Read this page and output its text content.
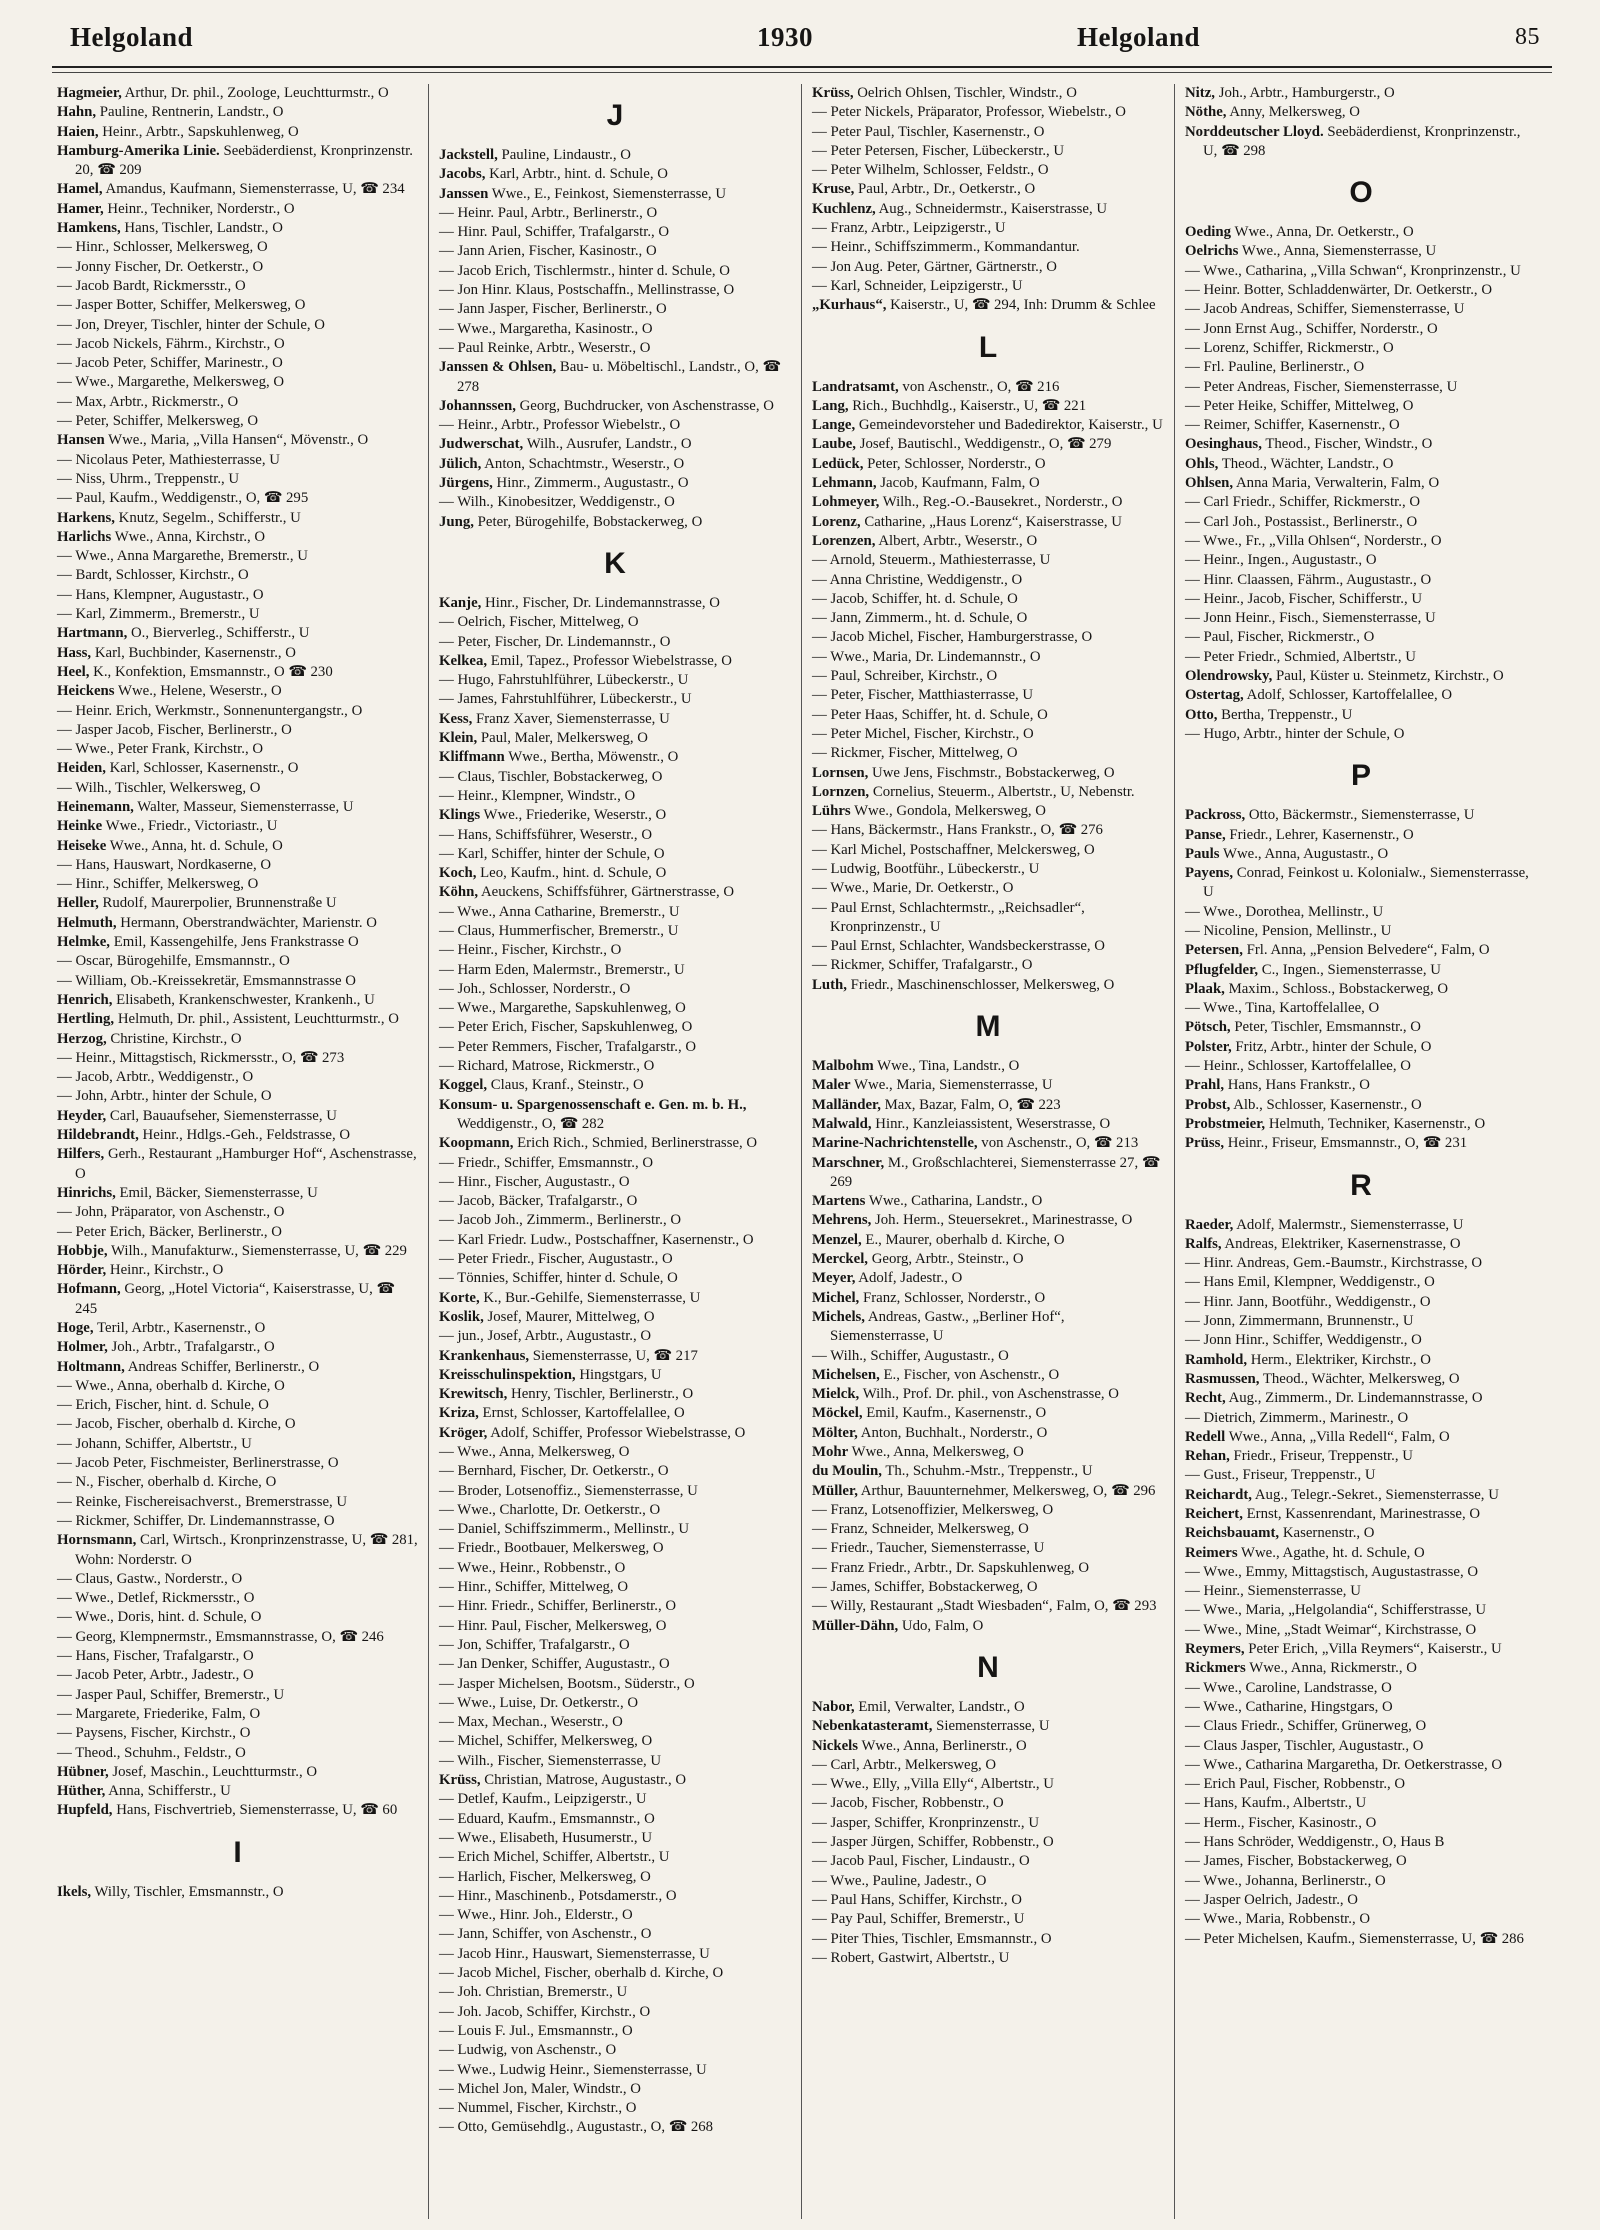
Helgoland	1930	Helgoland	85

Hagmeier, Arthur, Dr. phil., Zoologe, Leuchtturmstr., O

Hahn, Pauline, Rentnerin, Landstr., O

Haien, Heinr., Arbtr., Sapskuhlenweg, O

Hamburg-Amerika Linie. Seebäderdienst, Kronprinzenstr. 20, ☎ 209

Hamel, Amandus, Kaufmann, Siemensterrasse, U, ☎ 234

Hamer, Heinr., Techniker, Norderstr., O

Hamkens, Hans, Tischler, Landstr., O

— Hinr., Schlosser, Melkersweg, O

— Jonny Fischer, Dr. Oetkerstr., O

— Jacob Bardt, Rickmersstr., O

— Jasper Botter, Schiffer, Melkersweg, O

— Jon, Dreyer, Tischler, hinter der Schule, O

— Jacob Nickels, Fährm., Kirchstr., O

— Jacob Peter, Schiffer, Marinestr., O

— Wwe., Margarethe, Melkersweg, O

— Max, Arbtr., Rickmerstr., O

— Peter, Schiffer, Melkersweg, O

Hansen Wwe., Maria, „Villa Hansen“, Mövenstr., O

— Nicolaus Peter, Mathiesterrasse, U

— Niss, Uhrm., Treppenstr., U

— Paul, Kaufm., Weddigenstr., O, ☎ 295

Harkens, Knutz, Segelm., Schifferstr., U

Harlichs Wwe., Anna, Kirchstr., O

— Wwe., Anna Margarethe, Bremerstr., U

— Bardt, Schlosser, Kirchstr., O

— Hans, Klempner, Augustastr., O

— Karl, Zimmerm., Bremerstr., U

Hartmann, O., Bierverleg., Schifferstr., U

Hass, Karl, Buchbinder, Kasernenstr., O

Heel, K., Konfektion, Emsmannstr., O ☎ 230

Heickens Wwe., Helene, Weserstr., O

— Heinr. Erich, Werkmstr., Sonnenuntergangstr., O

— Jasper Jacob, Fischer, Berlinerstr., O

— Wwe., Peter Frank, Kirchstr., O

Heiden, Karl, Schlosser, Kasernenstr., O

— Wilh., Tischler, Welkersweg, O

Heinemann, Walter, Masseur, Siemensterrasse, U

Heinke Wwe., Friedr., Victoriastr., U

Heiseke Wwe., Anna, ht. d. Schule, O

— Hans, Hauswart, Nordkaserne, O

— Hinr., Schiffer, Melkersweg, O

Heller, Rudolf, Maurerpolier, Brunnenstraße U

Helmuth, Hermann, Oberstrandwächter, Marienstr. O

Helmke, Emil, Kassengehilfe, Jens Frankstrasse O

— Oscar, Bürogehilfe, Emsmannstr., O

— William, Ob.-Kreissekretär, Emsmannstrasse O

Henrich, Elisabeth, Krankenschwester, Krankenh., U

Hertling, Helmuth, Dr. phil., Assistent, Leuchtturmstr., O

Herzog, Christine, Kirchstr., O

— Heinr., Mittagstisch, Rickmersstr., O, ☎ 273

— Jacob, Arbtr., Weddigenstr., O

— John, Arbtr., hinter der Schule, O

Heyder, Carl, Bauaufseher, Siemensterrasse, U

Hildebrandt, Heinr., Hdlgs.-Geh., Feldstrasse, O

Hilfers, Gerh., Restaurant „Hamburger Hof“, Aschenstrasse, O

Hinrichs, Emil, Bäcker, Siemensterrasse, U

— John, Präparator, von Aschenstr., O

— Peter Erich, Bäcker, Berlinerstr., O

Hobbje, Wilh., Manufakturw., Siemensterrasse, U, ☎ 229

Hörder, Heinr., Kirchstr., O

Hofmann, Georg, „Hotel Victoria“, Kaiserstrasse, U, ☎ 245

Hoge, Teril, Arbtr., Kasernenstr., O

Holmer, Joh., Arbtr., Trafalgarstr., O

Holtmann, Andreas Schiffer, Berlinerstr., O

— Wwe., Anna, oberhalb d. Kirche, O

— Erich, Fischer, hint. d. Schule, O

— Jacob, Fischer, oberhalb d. Kirche, O

— Johann, Schiffer, Albertstr., U

— Jacob Peter, Fischmeister, Berlinerstrasse, O

— N., Fischer, oberhalb d. Kirche, O

— Reinke, Fischereisachverst., Bremerstrasse, U

— Rickmer, Schiffer, Dr. Lindemannstrasse, O

Hornsmann, Carl, Wirtsch., Kronprinzenstrasse, U, ☎ 281, Wohn: Norderstr. O

— Claus, Gastw., Norderstr., O

— Wwe., Detlef, Rickmersstr., O

— Wwe., Doris, hint. d. Schule, O

— Georg, Klempnermstr., Emsmannstrasse, O, ☎ 246

— Hans, Fischer, Trafalgarstr., O

— Jacob Peter, Arbtr., Jadestr., O

— Jasper Paul, Schiffer, Bremerstr., U

— Margarete, Friederike, Falm, O

— Paysens, Fischer, Kirchstr., O

— Theod., Schuhm., Feldstr., O

Hübner, Josef, Maschin., Leuchtturmstr., O

Hüther, Anna, Schifferstr., U

Hupfeld, Hans, Fischvertrieb, Siemensterrasse, U, ☎ 60

I

Ikels, Willy, Tischler, Emsmannstr., O

J

Jackstell, Pauline, Lindaustr., O

Jacobs, Karl, Arbtr., hint. d. Schule, O

Janssen Wwe., E., Feinkost, Siemensterrasse, U

— Heinr. Paul, Arbtr., Berlinerstr., O

— Hinr. Paul, Schiffer, Trafalgarstr., O

— Jann Arien, Fischer, Kasinostr., O

— Jacob Erich, Tischlermstr., hinter d. Schule, O

— Jon Hinr. Klaus, Postschaffn., Mellinstrasse, O

— Jann Jasper, Fischer, Berlinerstr., O

— Wwe., Margaretha, Kasinostr., O

— Paul Reinke, Arbtr., Weserstr., O

Janssen & Ohlsen, Bau- u. Möbeltischl., Landstr., O, ☎ 278

Johannssen, Georg, Buchdrucker, von Aschenstrasse, O

— Heinr., Arbtr., Professor Wiebelstr., O

Judwerschat, Wilh., Ausrufer, Landstr., O

Jülich, Anton, Schachtmstr., Weserstr., O

Jürgens, Hinr., Zimmerm., Augustastr., O

— Wilh., Kinobesitzer, Weddigenstr., O

Jung, Peter, Bürogehilfe, Bobstackerweg, O

K

Kanje, Hinr., Fischer, Dr. Lindemannstrasse, O

— Oelrich, Fischer, Mittelweg, O

— Peter, Fischer, Dr. Lindemannstr., O

Kelkea, Emil, Tapez., Professor Wiebelstrasse, O

— Hugo, Fahrstuhlführer, Lübeckerstr., U

— James, Fahrstuhlführer, Lübeckerstr., U

Kess, Franz Xaver, Siemensterrasse, U

Klein, Paul, Maler, Melkersweg, O

Kliffmann Wwe., Bertha, Möwenstr., O

— Claus, Tischler, Bobstackerweg, O

— Heinr., Klempner, Windstr., O

Klings Wwe., Friederike, Weserstr., O

— Hans, Schiffsführer, Weserstr., O

— Karl, Schiffer, hinter der Schule, O

Koch, Leo, Kaufm., hint. d. Schule, O

Köhn, Aeuckens, Schiffsführer, Gärtnerstrasse, O

— Wwe., Anna Catharine, Bremerstr., U

— Claus, Hummerfischer, Bremerstr., U

— Heinr., Fischer, Kirchstr., O

— Harm Eden, Malermstr., Bremerstr., U

— Joh., Schlosser, Norderstr., O

— Wwe., Margarethe, Sapskuhlenweg, O

— Peter Erich, Fischer, Sapskuhlenweg, O

— Peter Remmers, Fischer, Trafalgarstr., O

— Richard, Matrose, Rickmerstr., O

Koggel, Claus, Kranf., Steinstr., O

Konsum- u. Spargenossenschaft e. Gen. m. b. H., Weddigenstr., O, ☎ 282

Koopmann, Erich Rich., Schmied, Berlinerstrasse, O

— Friedr., Schiffer, Emsmannstr., O

— Hinr., Fischer, Augustastr., O

— Jacob, Bäcker, Trafalgarstr., O

— Jacob Joh., Zimmerm., Berlinerstr., O

— Karl Friedr. Ludw., Postschaffner, Kasernenstr., O

— Peter Friedr., Fischer, Augustastr., O

— Tönnies, Schiffer, hinter d. Schule, O

Korte, K., Bur.-Gehilfe, Siemensterrasse, U

Koslik, Josef, Maurer, Mittelweg, O

— jun., Josef, Arbtr., Augustastr., O

Krankenhaus, Siemensterrasse, U, ☎ 217

Kreisschulinspektion, Hingstgars, U

Krewitsch, Henry, Tischler, Berlinerstr., O

Kriza, Ernst, Schlosser, Kartoffelallee, O

Kröger, Adolf, Schiffer, Professor Wiebelstrasse, O

— Wwe., Anna, Melkersweg, O

— Bernhard, Fischer, Dr. Oetkerstr., O

— Broder, Lotsenoffiz., Siemensterrasse, U

— Wwe., Charlotte, Dr. Oetkerstr., O

— Daniel, Schiffszimmerm., Mellinstr., U

— Friedr., Bootbauer, Melkersweg, O

— Wwe., Heinr., Robbenstr., O

— Hinr., Schiffer, Mittelweg, O

— Hinr. Friedr., Schiffer, Berlinerstr., O

— Hinr. Paul, Fischer, Melkersweg, O

— Jon, Schiffer, Trafalgarstr., O

— Jan Denker, Schiffer, Augustastr., O

— Jasper Michelsen, Bootsm., Süderstr., O

— Wwe., Luise, Dr. Oetkerstr., O

— Max, Mechan., Weserstr., O

— Michel, Schiffer, Melkersweg, O

— Wilh., Fischer, Siemensterrasse, U

Krüss, Christian, Matrose, Augustastr., O

— Detlef, Kaufm., Leipzigerstr., U

— Eduard, Kaufm., Emsmannstr., O

— Wwe., Elisabeth, Husumerstr., U

— Erich Michel, Schiffer, Albertstr., U

— Harlich, Fischer, Melkersweg, O

— Hinr., Maschinenb., Potsdamerstr., O

— Wwe., Hinr. Joh., Elderstr., O

— Jann, Schiffer, von Aschenstr., O

— Jacob Hinr., Hauswart, Siemensterrasse, U

— Jacob Michel, Fischer, oberhalb d. Kirche, O

— Joh. Christian, Bremerstr., U

— Joh. Jacob, Schiffer, Kirchstr., O

— Louis F. Jul., Emsmannstr., O

— Ludwig, von Aschenstr., O

— Wwe., Ludwig Heinr., Siemensterrasse, U

— Michel Jon, Maler, Windstr., O

— Nummel, Fischer, Kirchstr., O

— Otto, Gemüsehdlg., Augustastr., O, ☎ 268

Krüss, Oelrich Ohlsen, Tischler, Windstr., O

— Peter Nickels, Präparator, Professor, Wiebelstr., O

— Peter Paul, Tischler, Kasernenstr., O

— Peter Petersen, Fischer, Lübeckerstr., U

— Peter Wilhelm, Schlosser, Feldstr., O

Kruse, Paul, Arbtr., Dr., Oetkerstr., O

Kuchlenz, Aug., Schneidermstr., Kaiserstrasse, U

— Franz, Arbtr., Leipzigerstr., U

— Heinr., Schiffszimmerm., Kommandantur.

— Jon Aug. Peter, Gärtner, Gärtnerstr., O

— Karl, Schneider, Leipzigerstr., U

„Kurhaus“, Kaiserstr., U, ☎ 294, Inh: Drumm & Schlee

L

Landratsamt, von Aschenstr., O, ☎ 216

Lang, Rich., Buchhdlg., Kaiserstr., U, ☎ 221

Lange, Gemeindevorsteher und Badedirektor, Kaiserstr., U

Laube, Josef, Bautischl., Weddigenstr., O, ☎ 279

Ledück, Peter, Schlosser, Norderstr., O

Lehmann, Jacob, Kaufmann, Falm, O

Lohmeyer, Wilh., Reg.-O.-Bausekret., Norderstr., O

Lorenz, Catharine, „Haus Lorenz“, Kaiserstrasse, U

Lorenzen, Albert, Arbtr., Weserstr., O

— Arnold, Steuerm., Mathiesterrasse, U

— Anna Christine, Weddigenstr., O

— Jacob, Schiffer, ht. d. Schule, O

— Jann, Zimmerm., ht. d. Schule, O

— Jacob Michel, Fischer, Hamburgerstrasse, O

— Wwe., Maria, Dr. Lindemannstr., O

— Paul, Schreiber, Kirchstr., O

— Peter, Fischer, Matthiasterrasse, U

— Peter Haas, Schiffer, ht. d. Schule, O

— Peter Michel, Fischer, Kirchstr., O

— Rickmer, Fischer, Mittelweg, O

Lornsen, Uwe Jens, Fischmstr., Bobstackerweg, O

Lornzen, Cornelius, Steuerm., Albertstr., U, Nebenstr.

Lührs Wwe., Gondola, Melkersweg, O

— Hans, Bäckermstr., Hans Frankstr., O, ☎ 276

— Karl Michel, Postschaffner, Melckersweg, O

— Ludwig, Bootführ., Lübeckerstr., U

— Wwe., Marie, Dr. Oetkerstr., O

— Paul Ernst, Schlachtermstr., „Reichsadler“, Kronprinzenstr., U

— Paul Ernst, Schlachter, Wandsbeckerstrasse, O

— Rickmer, Schiffer, Trafalgarstr., O

Luth, Friedr., Maschinenschlosser, Melkersweg, O

M

Malbohm Wwe., Tina, Landstr., O

Maler Wwe., Maria, Siemensterrasse, U

Malländer, Max, Bazar, Falm, O, ☎ 223

Malwald, Hinr., Kanzleiassistent, Weserstrasse, O

Marine-Nachrichtenstelle, von Aschenstr., O, ☎ 213

Marschner, M., Großschlachterei, Siemensterrasse 27, ☎ 269

Martens Wwe., Catharina, Landstr., O

Mehrens, Joh. Herm., Steuersekret., Marinestrasse, O

Menzel, E., Maurer, oberhalb d. Kirche, O

Merckel, Georg, Arbtr., Steinstr., O

Meyer, Adolf, Jadestr., O

Michel, Franz, Schlosser, Norderstr., O

Michels, Andreas, Gastw., „Berliner Hof“, Siemensterrasse, U

— Wilh., Schiffer, Augustastr., O

Michelsen, E., Fischer, von Aschenstr., O

Mielck, Wilh., Prof. Dr. phil., von Aschenstrasse, O

Möckel, Emil, Kaufm., Kasernenstr., O

Mölter, Anton, Buchhalt., Norderstr., O

Mohr Wwe., Anna, Melkersweg, O

du Moulin, Th., Schuhm.-Mstr., Treppenstr., U

Müller, Arthur, Bauunternehmer, Melkersweg, O, ☎ 296

— Franz, Lotsenoffizier, Melkersweg, O

— Franz, Schneider, Melkersweg, O

— Friedr., Taucher, Siemensterrasse, U

— Franz Friedr., Arbtr., Dr. Sapskuhlenweg, O

— James, Schiffer, Bobstackerweg, O

— Willy, Restaurant „Stadt Wiesbaden“, Falm, O, ☎ 293

Müller-Dähn, Udo, Falm, O

N

Nabor, Emil, Verwalter, Landstr., O

Nebenkatasteramt, Siemensterrasse, U

Nickels Wwe., Anna, Berlinerstr., O

— Carl, Arbtr., Melkersweg, O

— Wwe., Elly, „Villa Elly“, Albertstr., U

— Jacob, Fischer, Robbenstr., O

— Jasper, Schiffer, Kronprinzenstr., U

— Jasper Jürgen, Schiffer, Robbenstr., O

— Jacob Paul, Fischer, Lindaustr., O

— Wwe., Pauline, Jadestr., O

— Paul Hans, Schiffer, Kirchstr., O

— Pay Paul, Schiffer, Bremerstr., U

— Piter Thies, Tischler, Emsmannstr., O

— Robert, Gastwirt, Albertstr., U

Nitz, Joh., Arbtr., Hamburgerstr., O

Nöthe, Anny, Melkersweg, O

Norddeutscher Lloyd. Seebäderdienst, Kronprinzenstr., U, ☎ 298

O

Oeding Wwe., Anna, Dr. Oetkerstr., O

Oelrichs Wwe., Anna, Siemensterrasse, U

— Wwe., Catharina, „Villa Schwan“, Kronprinzenstr., U

— Heinr. Botter, Schladdenwärter, Dr. Oetkerstr., O

— Jacob Andreas, Schiffer, Siemensterrasse, U

— Jonn Ernst Aug., Schiffer, Norderstr., O

— Lorenz, Schiffer, Rickmerstr., O

— Frl. Pauline, Berlinerstr., O

— Peter Andreas, Fischer, Siemensterrasse, U

— Peter Heike, Schiffer, Mittelweg, O

— Reimer, Schiffer, Kasernenstr., O

Oesinghaus, Theod., Fischer, Windstr., O

Ohls, Theod., Wächter, Landstr., O

Ohlsen, Anna Maria, Verwalterin, Falm, O

— Carl Friedr., Schiffer, Rickmerstr., O

— Carl Joh., Postassist., Berlinerstr., O

— Wwe., Fr., „Villa Ohlsen“, Norderstr., O

— Heinr., Ingen., Augustastr., O

— Hinr. Claassen, Fährm., Augustastr., O

— Heinr., Jacob, Fischer, Schifferstr., U

— Jonn Heinr., Fisch., Siemensterrasse, U

— Paul, Fischer, Rickmerstr., O

— Peter Friedr., Schmied, Albertstr., U

Olendrowsky, Paul, Küster u. Steinmetz, Kirchstr., O

Ostertag, Adolf, Schlosser, Kartoffelallee, O

Otto, Bertha, Treppenstr., U

— Hugo, Arbtr., hinter der Schule, O

P

Packross, Otto, Bäckermstr., Siemensterrasse, U

Panse, Friedr., Lehrer, Kasernenstr., O

Pauls Wwe., Anna, Augustastr., O

Payens, Conrad, Feinkost u. Kolonialw., Siemensterrasse, U

— Wwe., Dorothea, Mellinstr., U

— Nicoline, Pension, Mellinstr., U

Petersen, Frl. Anna, „Pension Belvedere“, Falm, O

Pflugfelder, C., Ingen., Siemensterrasse, U

Plaak, Maxim., Schloss., Bobstackerweg, O

— Wwe., Tina, Kartoffelallee, O

Pötsch, Peter, Tischler, Emsmannstr., O

Polster, Fritz, Arbtr., hinter der Schule, O

— Heinr., Schlosser, Kartoffelallee, O

Prahl, Hans, Hans Frankstr., O

Probst, Alb., Schlosser, Kasernenstr., O

Probstmeier, Helmuth, Techniker, Kasernenstr., O

Prüss, Heinr., Friseur, Emsmannstr., O, ☎ 231

R

Raeder, Adolf, Malermstr., Siemensterrasse, U

Ralfs, Andreas, Elektriker, Kasernenstrasse, O

— Hinr. Andreas, Gem.-Baumstr., Kirchstrasse, O

— Hans Emil, Klempner, Weddigenstr., O

— Hinr. Jann, Bootführ., Weddigenstr., O

— Jonn, Zimmermann, Brunnenstr., U

— Jonn Hinr., Schiffer, Weddigenstr., O

Ramhold, Herm., Elektriker, Kirchstr., O

Rasmussen, Theod., Wächter, Melkersweg, O

Recht, Aug., Zimmerm., Dr. Lindemannstrasse, O

— Dietrich, Zimmerm., Marinestr., O

Redell Wwe., Anna, „Villa Redell“, Falm, O

Rehan, Friedr., Friseur, Treppenstr., U

— Gust., Friseur, Treppenstr., U

Reichardt, Aug., Telegr.-Sekret., Siemensterrasse, U

Reichert, Ernst, Kassenrendant, Marinestrasse, O

Reichsbauamt, Kasernenstr., O

Reimers Wwe., Agathe, ht. d. Schule, O

— Wwe., Emmy, Mittagstisch, Augustastrasse, O

— Heinr., Siemensterrasse, U

— Wwe., Maria, „Helgolandia“, Schifferstrasse, U

— Wwe., Mine, „Stadt Weimar“, Kirchstrasse, O

Reymers, Peter Erich, „Villa Reymers“, Kaiserstr., U

Rickmers Wwe., Anna, Rickmerstr., O

— Wwe., Caroline, Landstrasse, O

— Wwe., Catharine, Hingstgars, O

— Claus Friedr., Schiffer, Grünerweg, O

— Claus Jasper, Tischler, Augustastr., O

— Wwe., Catharina Margaretha, Dr. Oetkerstrasse, O

— Erich Paul, Fischer, Robbenstr., O

— Hans, Kaufm., Albertstr., U

— Herm., Fischer, Kasinostr., O

— Hans Schröder, Weddigenstr., O, Haus B

— James, Fischer, Bobstackerweg, O

— Wwe., Johanna, Berlinerstr., O

— Jasper Oelrich, Jadestr., O

— Wwe., Maria, Robbenstr., O

— Peter Michelsen, Kaufm., Siemensterrasse, U, ☎ 286
